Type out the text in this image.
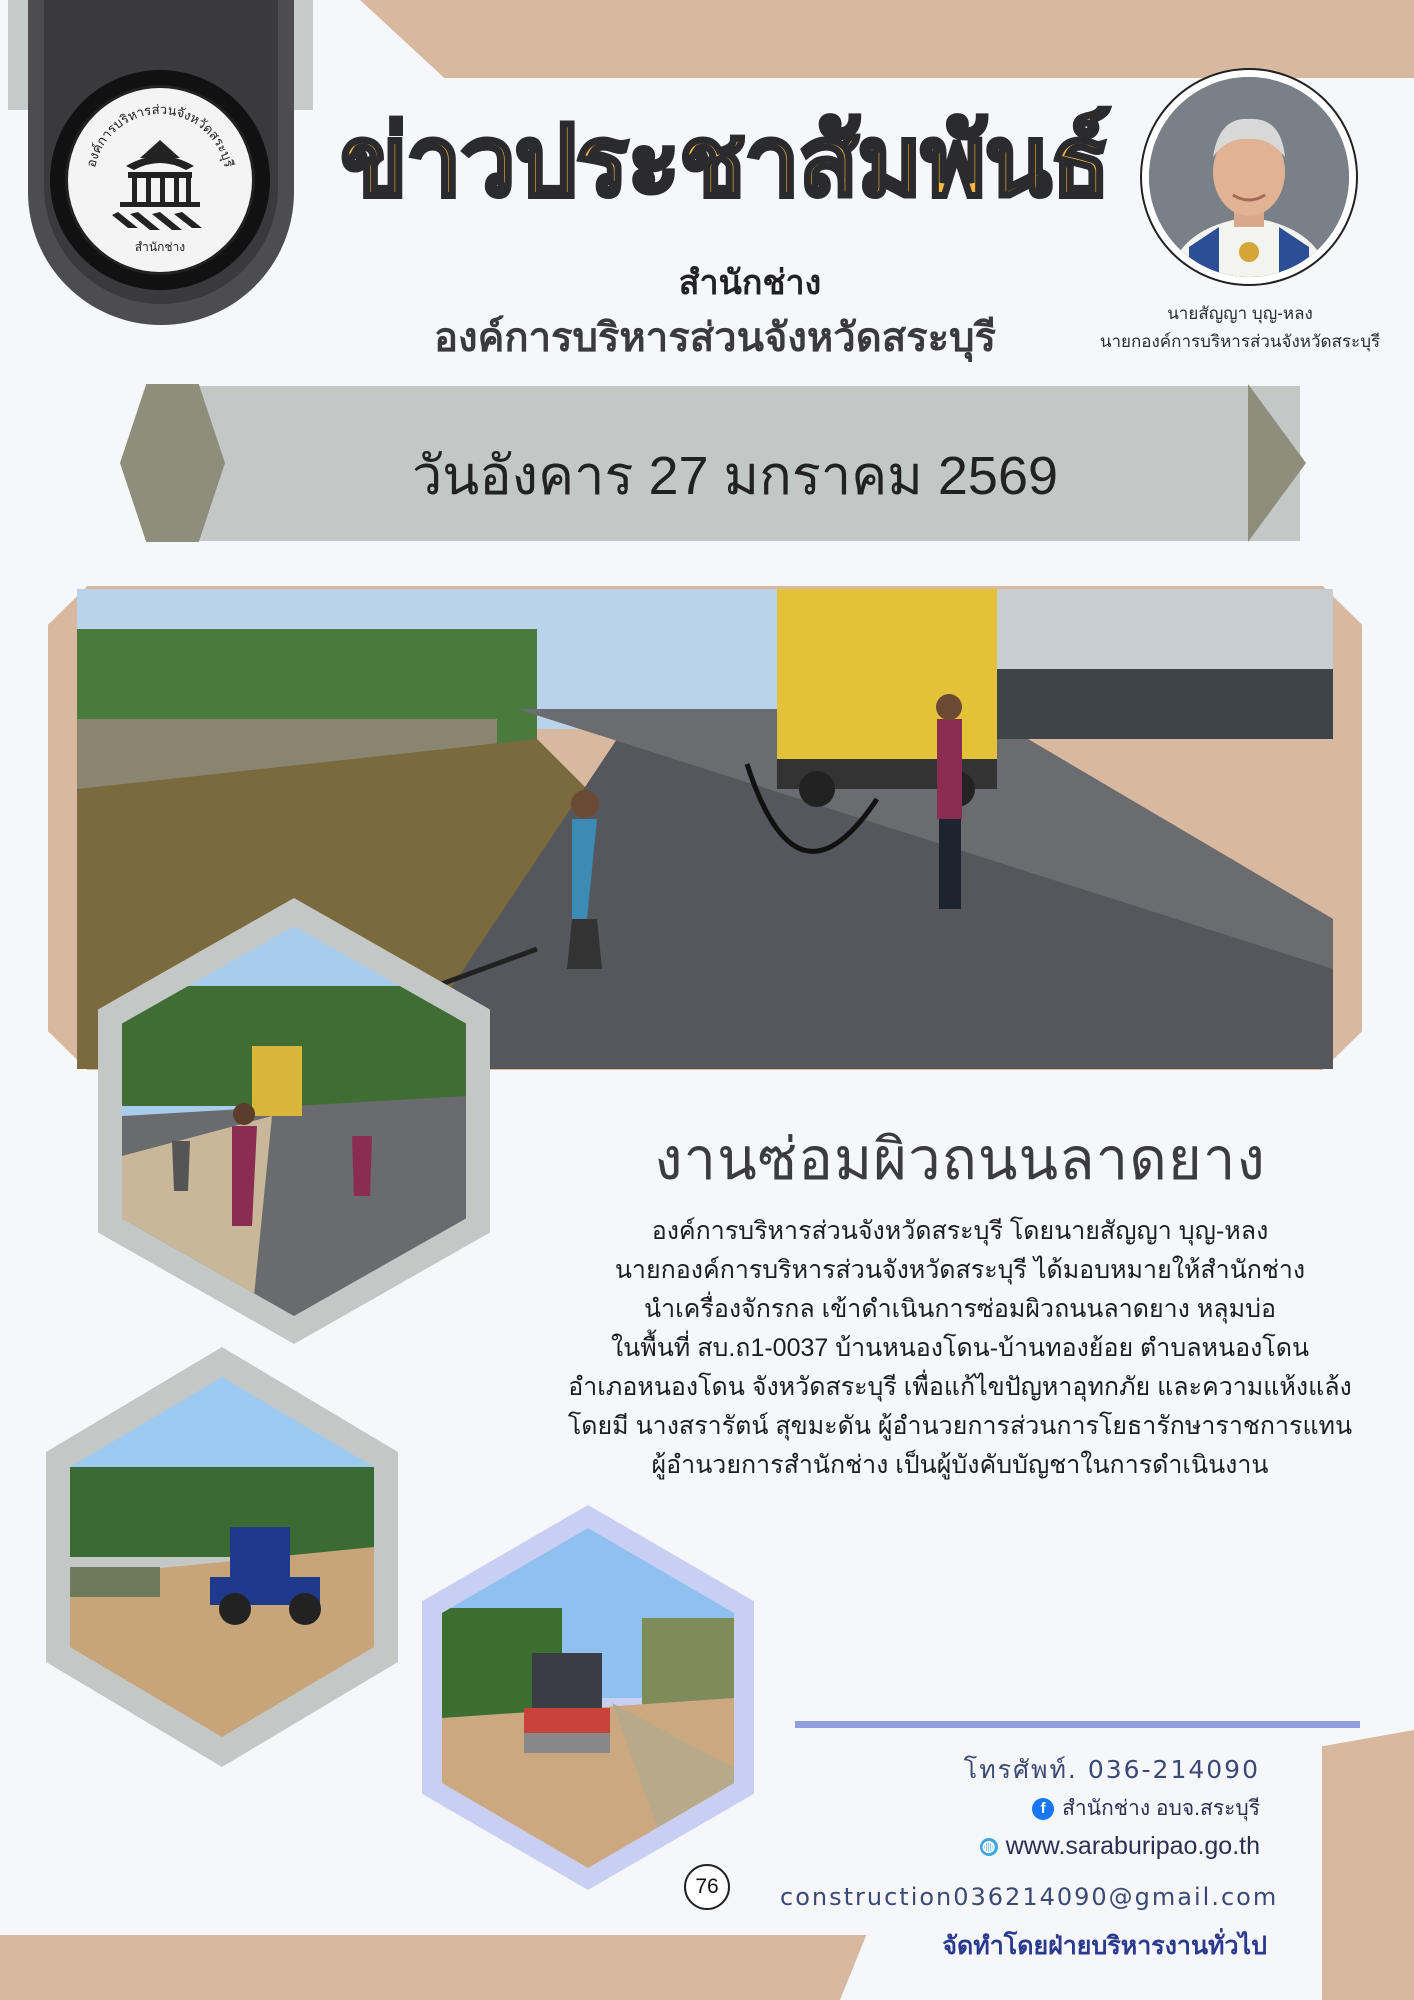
องค์การบริหารส่วนจังหวัดสระบุรี
สำนักช่าง
ข่าวประชาสัมพันธ์
สำนักช่าง
องค์การบริหารส่วนจังหวัดสระบุรี
นายสัญญา บุญ-หลง
นายกองค์การบริหารส่วนจังหวัดสระบุรี
วันอังคาร 27 มกราคม 2569
งานซ่อมผิวถนนลาดยาง
องค์การบริหารส่วนจังหวัดสระบุรี โดยนายสัญญา บุญ-หลง
นายกองค์การบริหารส่วนจังหวัดสระบุรี ได้มอบหมายให้สำนักช่าง
นำเครื่องจักรกล เข้าดำเนินการซ่อมผิวถนนลาดยาง หลุมบ่อ
ในพื้นที่ สบ.ถ1-0037 บ้านหนองโดน-บ้านทองย้อย ตำบลหนองโดน
อำเภอหนองโดน จังหวัดสระบุรี เพื่อแก้ไขปัญหาอุทกภัย และความแห้งแล้ง
โดยมี นางสรารัตน์ สุขมะดัน ผู้อำนวยการส่วนการโยธารักษาราชการแทน
ผู้อำนวยการสำนักช่าง เป็นผู้บังคับบัญชาในการดำเนินงาน
โทรศัพท์. 036-214090
f สำนักช่าง อบจ.สระบุรี
◍ www.saraburipao.go.th
construction036214090@gmail.com
จัดทำโดยฝ่ายบริหารงานทั่วไป
76
